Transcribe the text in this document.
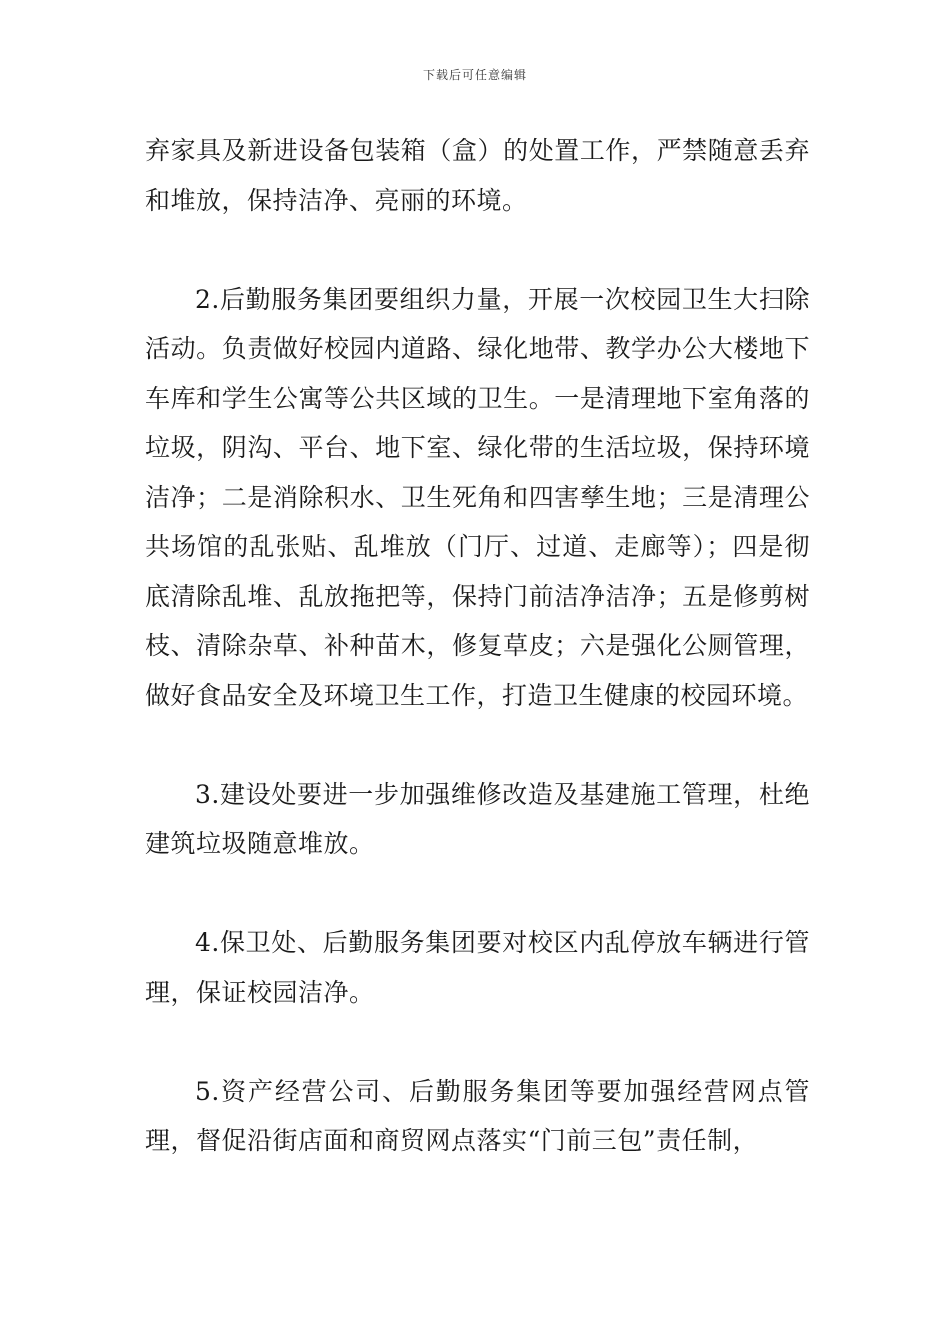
下载后可任意编辑

弃家具及新进设备包装箱（盒）的处置工作，严禁随意丢弃和堆放，保持洁净、亮丽的环境。

2.后勤服务集团要组织力量，开展一次校园卫生大扫除活动。负责做好校园内道路、绿化地带、教学办公大楼地下车库和学生公寓等公共区域的卫生。一是清理地下室角落的垃圾，阴沟、平台、地下室、绿化带的生活垃圾，保持环境洁净；二是消除积水、卫生死角和四害孳生地；三是清理公共场馆的乱张贴、乱堆放（门厅、过道、走廊等）；四是彻底清除乱堆、乱放拖把等，保持门前洁净洁净；五是修剪树枝、清除杂草、补种苗木，修复草皮；六是强化公厕管理，做好食品安全及环境卫生工作，打造卫生健康的校园环境。

3.建设处要进一步加强维修改造及基建施工管理，杜绝建筑垃圾随意堆放。

4.保卫处、后勤服务集团要对校区内乱停放车辆进行管理，保证校园洁净。

5.资产经营公司、后勤服务集团等要加强经营网点管理，督促沿街店面和商贸网点落实“门前三包”责任制，
